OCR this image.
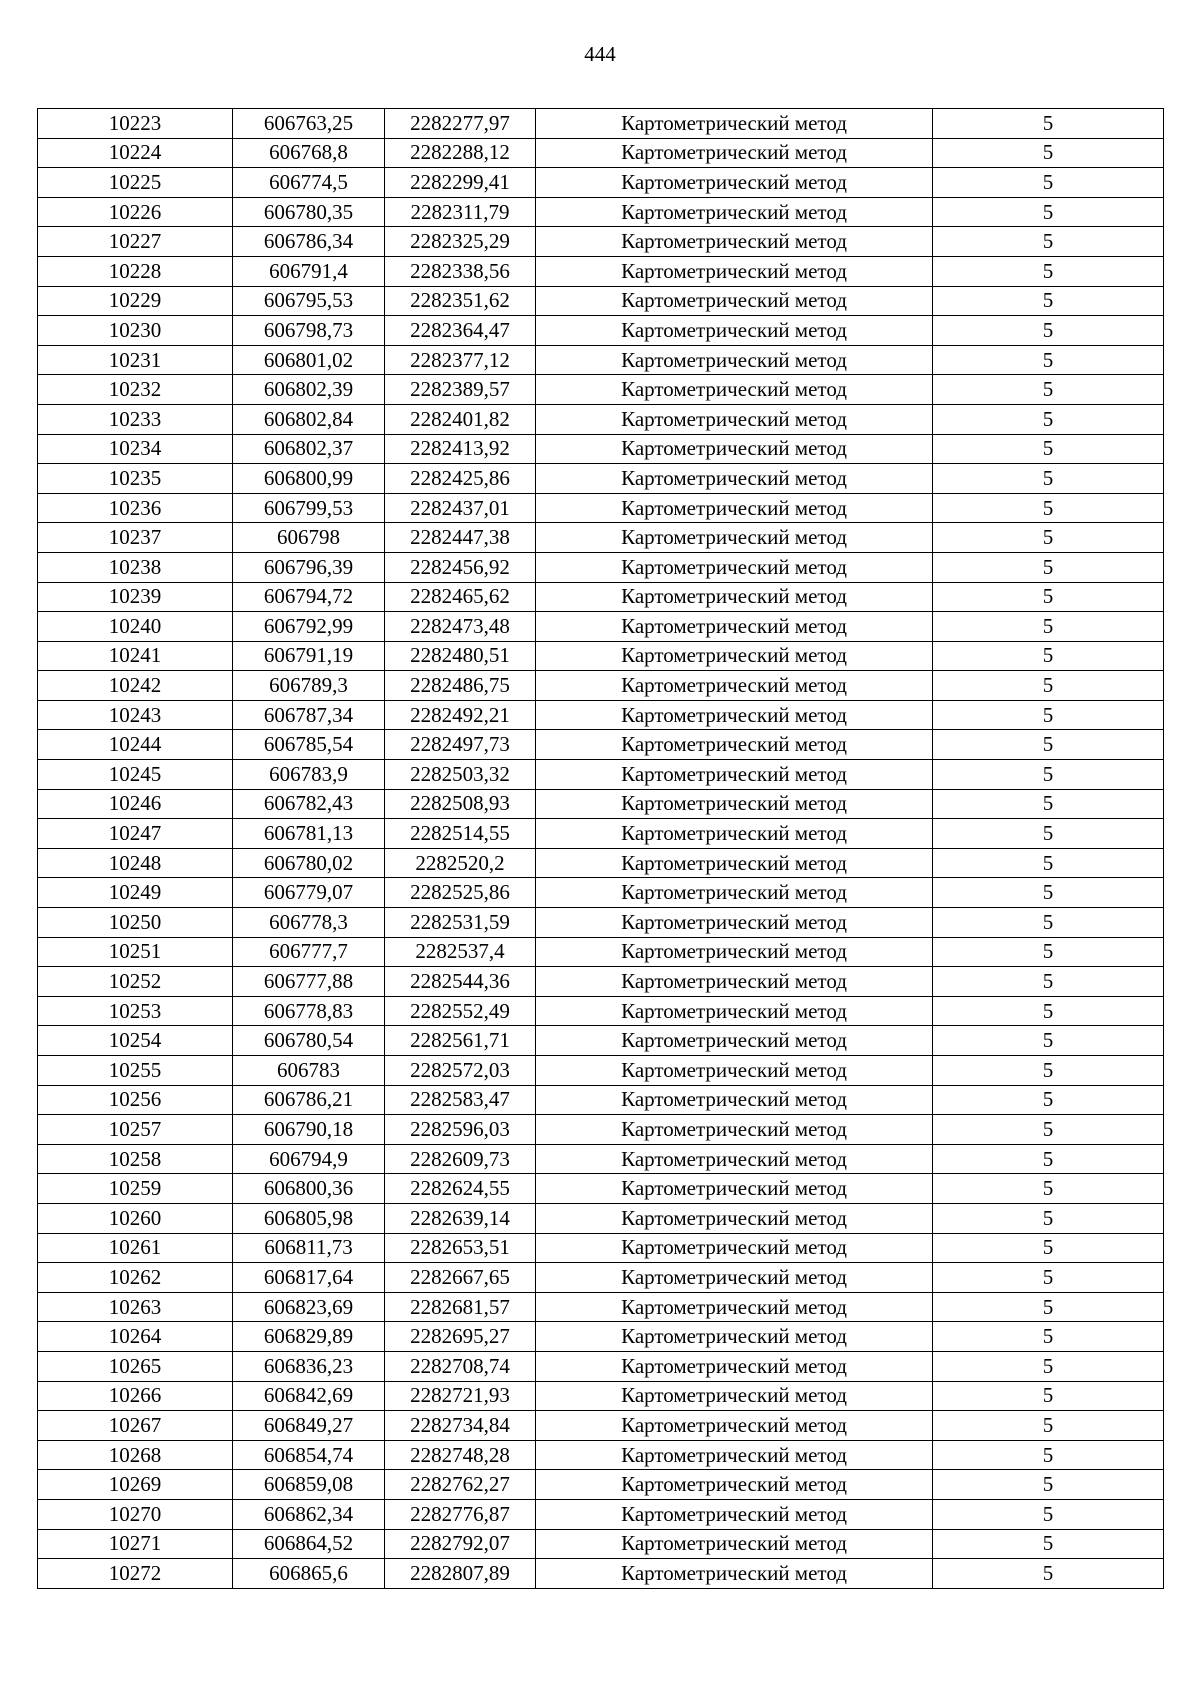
444
10223	606763,25	2282277,97	Картометрический метод	5
10224	606768,8	2282288,12	Картометрический метод	5
10225	606774,5	2282299,41	Картометрический метод	5
10226	606780,35	2282311,79	Картометрический метод	5
10227	606786,34	2282325,29	Картометрический метод	5
10228	606791,4	2282338,56	Картометрический метод	5
10229	606795,53	2282351,62	Картометрический метод	5
10230	606798,73	2282364,47	Картометрический метод	5
10231	606801,02	2282377,12	Картометрический метод	5
10232	606802,39	2282389,57	Картометрический метод	5
10233	606802,84	2282401,82	Картометрический метод	5
10234	606802,37	2282413,92	Картометрический метод	5
10235	606800,99	2282425,86	Картометрический метод	5
10236	606799,53	2282437,01	Картометрический метод	5
10237	606798	2282447,38	Картометрический метод	5
10238	606796,39	2282456,92	Картометрический метод	5
10239	606794,72	2282465,62	Картометрический метод	5
10240	606792,99	2282473,48	Картометрический метод	5
10241	606791,19	2282480,51	Картометрический метод	5
10242	606789,3	2282486,75	Картометрический метод	5
10243	606787,34	2282492,21	Картометрический метод	5
10244	606785,54	2282497,73	Картометрический метод	5
10245	606783,9	2282503,32	Картометрический метод	5
10246	606782,43	2282508,93	Картометрический метод	5
10247	606781,13	2282514,55	Картометрический метод	5
10248	606780,02	2282520,2	Картометрический метод	5
10249	606779,07	2282525,86	Картометрический метод	5
10250	606778,3	2282531,59	Картометрический метод	5
10251	606777,7	2282537,4	Картометрический метод	5
10252	606777,88	2282544,36	Картометрический метод	5
10253	606778,83	2282552,49	Картометрический метод	5
10254	606780,54	2282561,71	Картометрический метод	5
10255	606783	2282572,03	Картометрический метод	5
10256	606786,21	2282583,47	Картометрический метод	5
10257	606790,18	2282596,03	Картометрический метод	5
10258	606794,9	2282609,73	Картометрический метод	5
10259	606800,36	2282624,55	Картометрический метод	5
10260	606805,98	2282639,14	Картометрический метод	5
10261	606811,73	2282653,51	Картометрический метод	5
10262	606817,64	2282667,65	Картометрический метод	5
10263	606823,69	2282681,57	Картометрический метод	5
10264	606829,89	2282695,27	Картометрический метод	5
10265	606836,23	2282708,74	Картометрический метод	5
10266	606842,69	2282721,93	Картометрический метод	5
10267	606849,27	2282734,84	Картометрический метод	5
10268	606854,74	2282748,28	Картометрический метод	5
10269	606859,08	2282762,27	Картометрический метод	5
10270	606862,34	2282776,87	Картометрический метод	5
10271	606864,52	2282792,07	Картометрический метод	5
10272	606865,6	2282807,89	Картометрический метод	5
